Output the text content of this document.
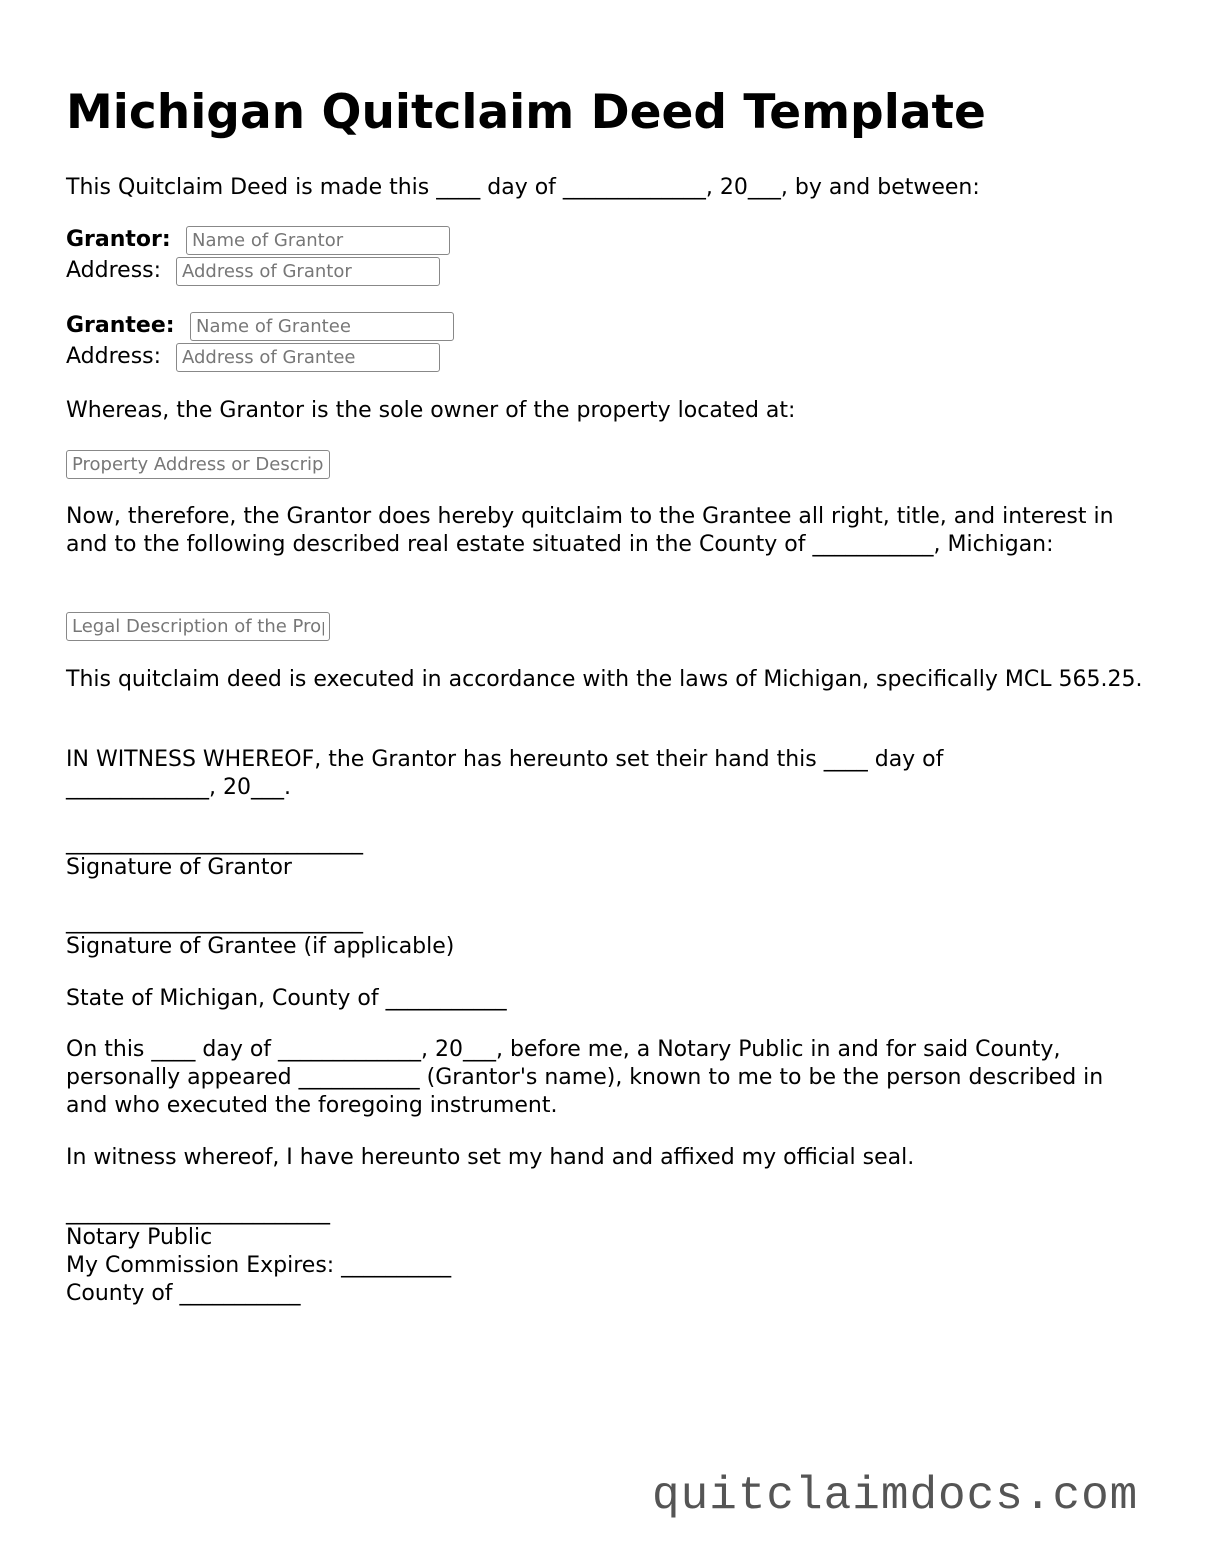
Michigan Quitclaim Deed Template
This Quitclaim Deed is made this ____ day of _____________, 20___, by and between:
Grantor:
Name of Grantor
Address:
Address of Grantor
Grantee:
Name of Grantee
Address:
Address of Grantee
Whereas, the Grantor is the sole owner of the property located at:
Property Address or Description
Now, therefore, the Grantor does hereby quitclaim to the Grantee all right, title, and interest in and to the following described real estate situated in the County of ___________, Michigan:
Legal Description of the Property
This quitclaim deed is executed in accordance with the laws of Michigan, specifically MCL 565.25.
IN WITNESS WHEREOF, the Grantor has hereunto set their hand this ____ day of _____________, 20___.
___________________________
Signature of Grantor
___________________________
Signature of Grantee (if applicable)
State of Michigan, County of ___________
On this ____ day of _____________, 20___, before me, a Notary Public in and for said County, personally appeared ___________ (Grantor's name), known to me to be the person described in and who executed the foregoing instrument.
In witness whereof, I have hereunto set my hand and affixed my official seal.
________________________
Notary Public
My Commission Expires: __________
County of ___________
quitclaimdocs.com
